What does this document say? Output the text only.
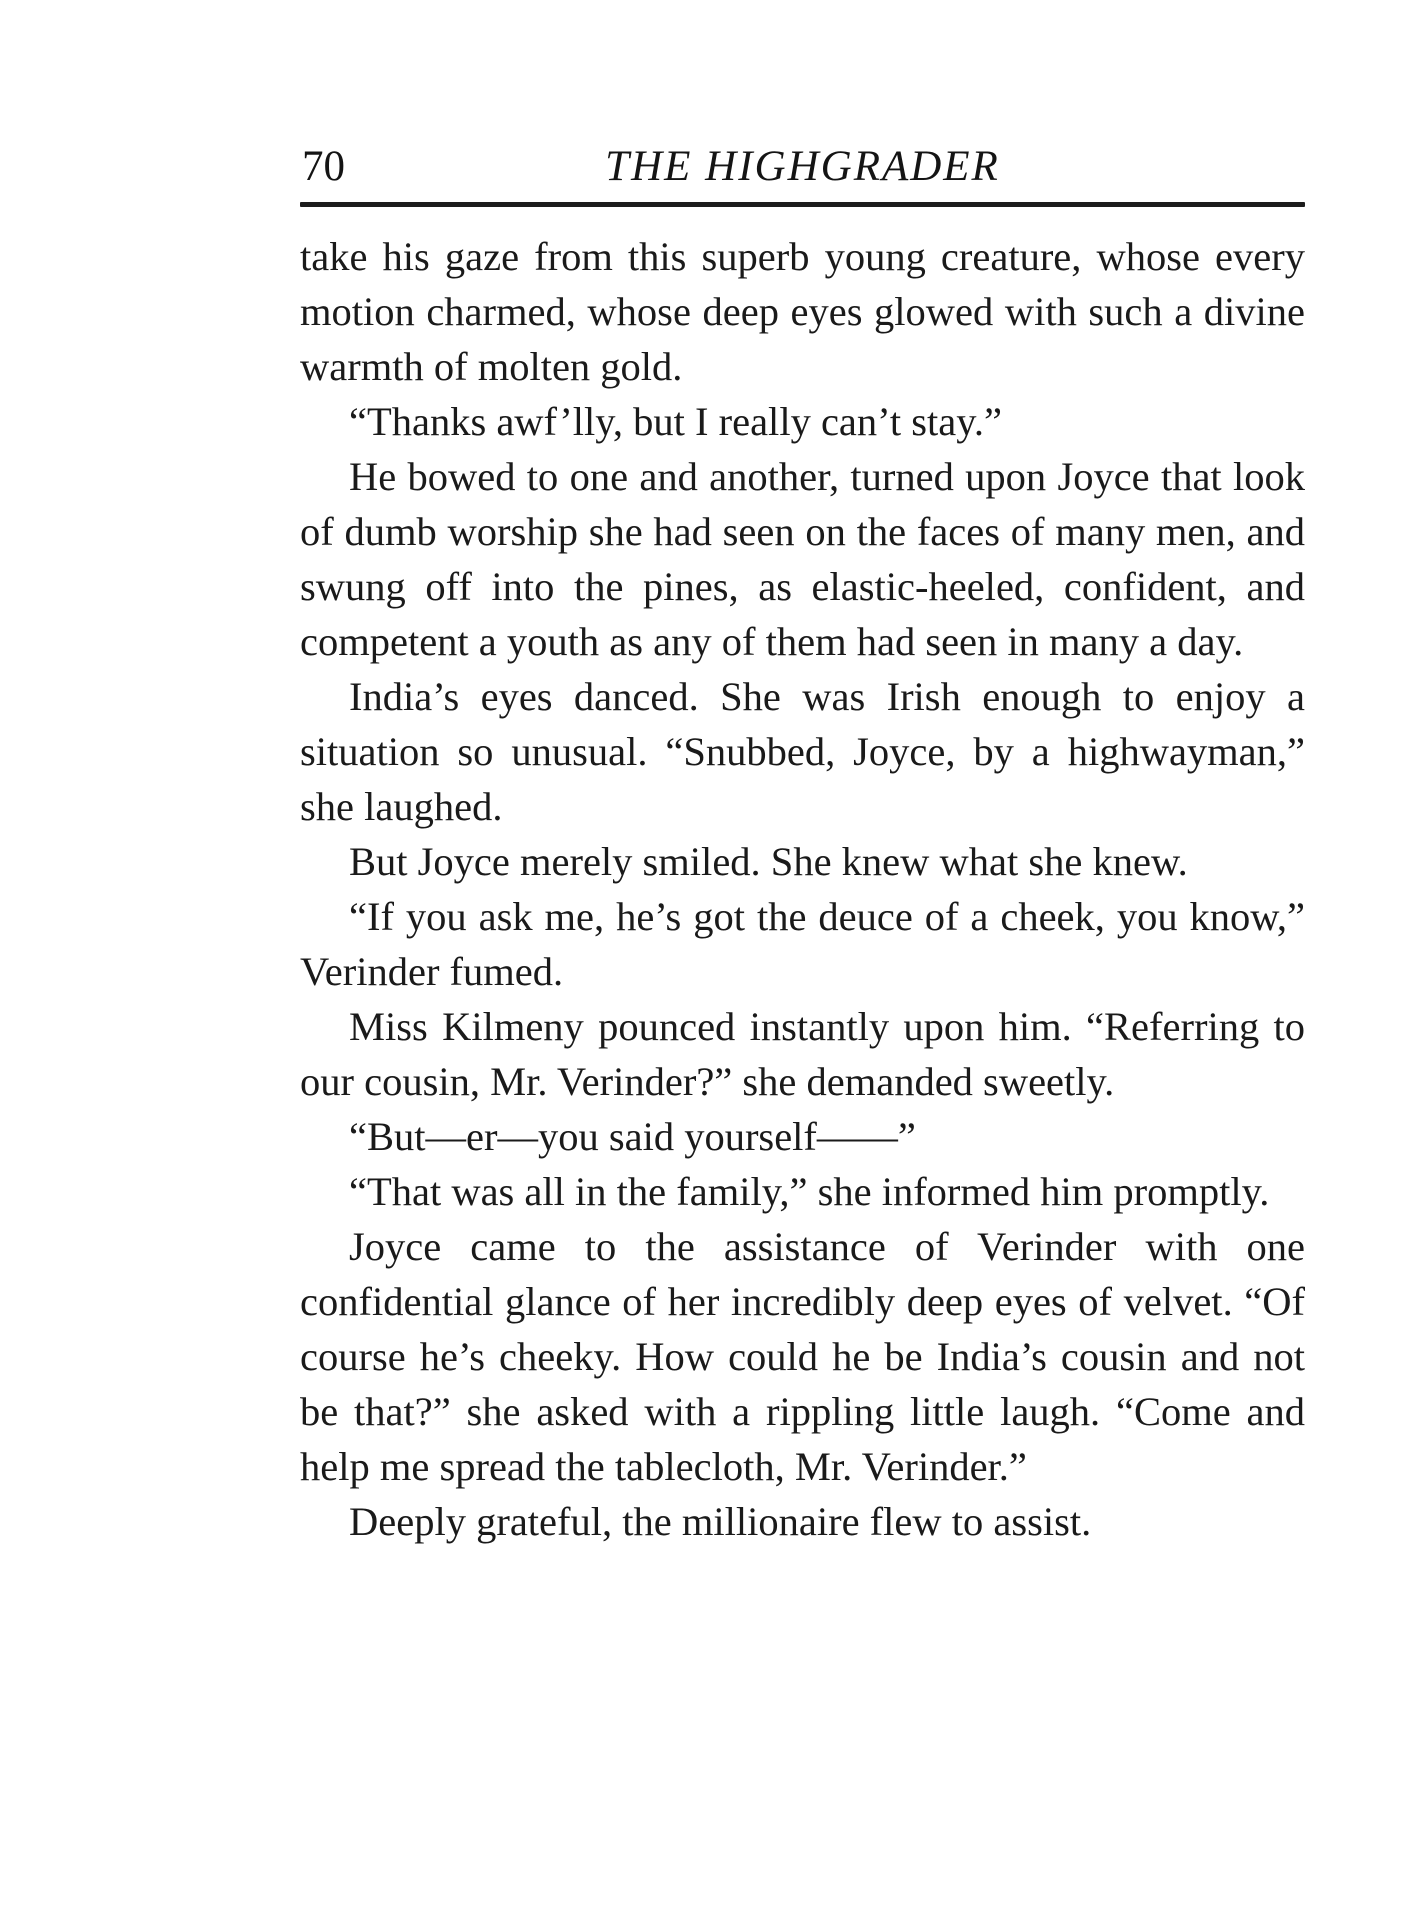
70	THE HIGHGRADER

take his gaze from this superb young creature, whose every motion charmed, whose deep eyes glowed with such a divine warmth of molten gold.

“Thanks awf’lly, but I really can’t stay.”

He bowed to one and another, turned upon Joyce that look of dumb worship she had seen on the faces of many men, and swung off into the pines, as elastic-heeled, confident, and competent a youth as any of them had seen in many a day.

India’s eyes danced. She was Irish enough to enjoy a situation so unusual. “Snubbed, Joyce, by a highwayman,” she laughed.

But Joyce merely smiled. She knew what she knew.

“If you ask me, he’s got the deuce of a cheek, you know,” Verinder fumed.

Miss Kilmeny pounced instantly upon him. “Referring to our cousin, Mr. Verinder?” she demanded sweetly.

“But—er—you said yourself——”

“That was all in the family,” she informed him promptly.

Joyce came to the assistance of Verinder with one confidential glance of her incredibly deep eyes of velvet. “Of course he’s cheeky. How could he be India’s cousin and not be that?” she asked with a rippling little laugh. “Come and help me spread the tablecloth, Mr. Verinder.”

Deeply grateful, the millionaire flew to assist.
